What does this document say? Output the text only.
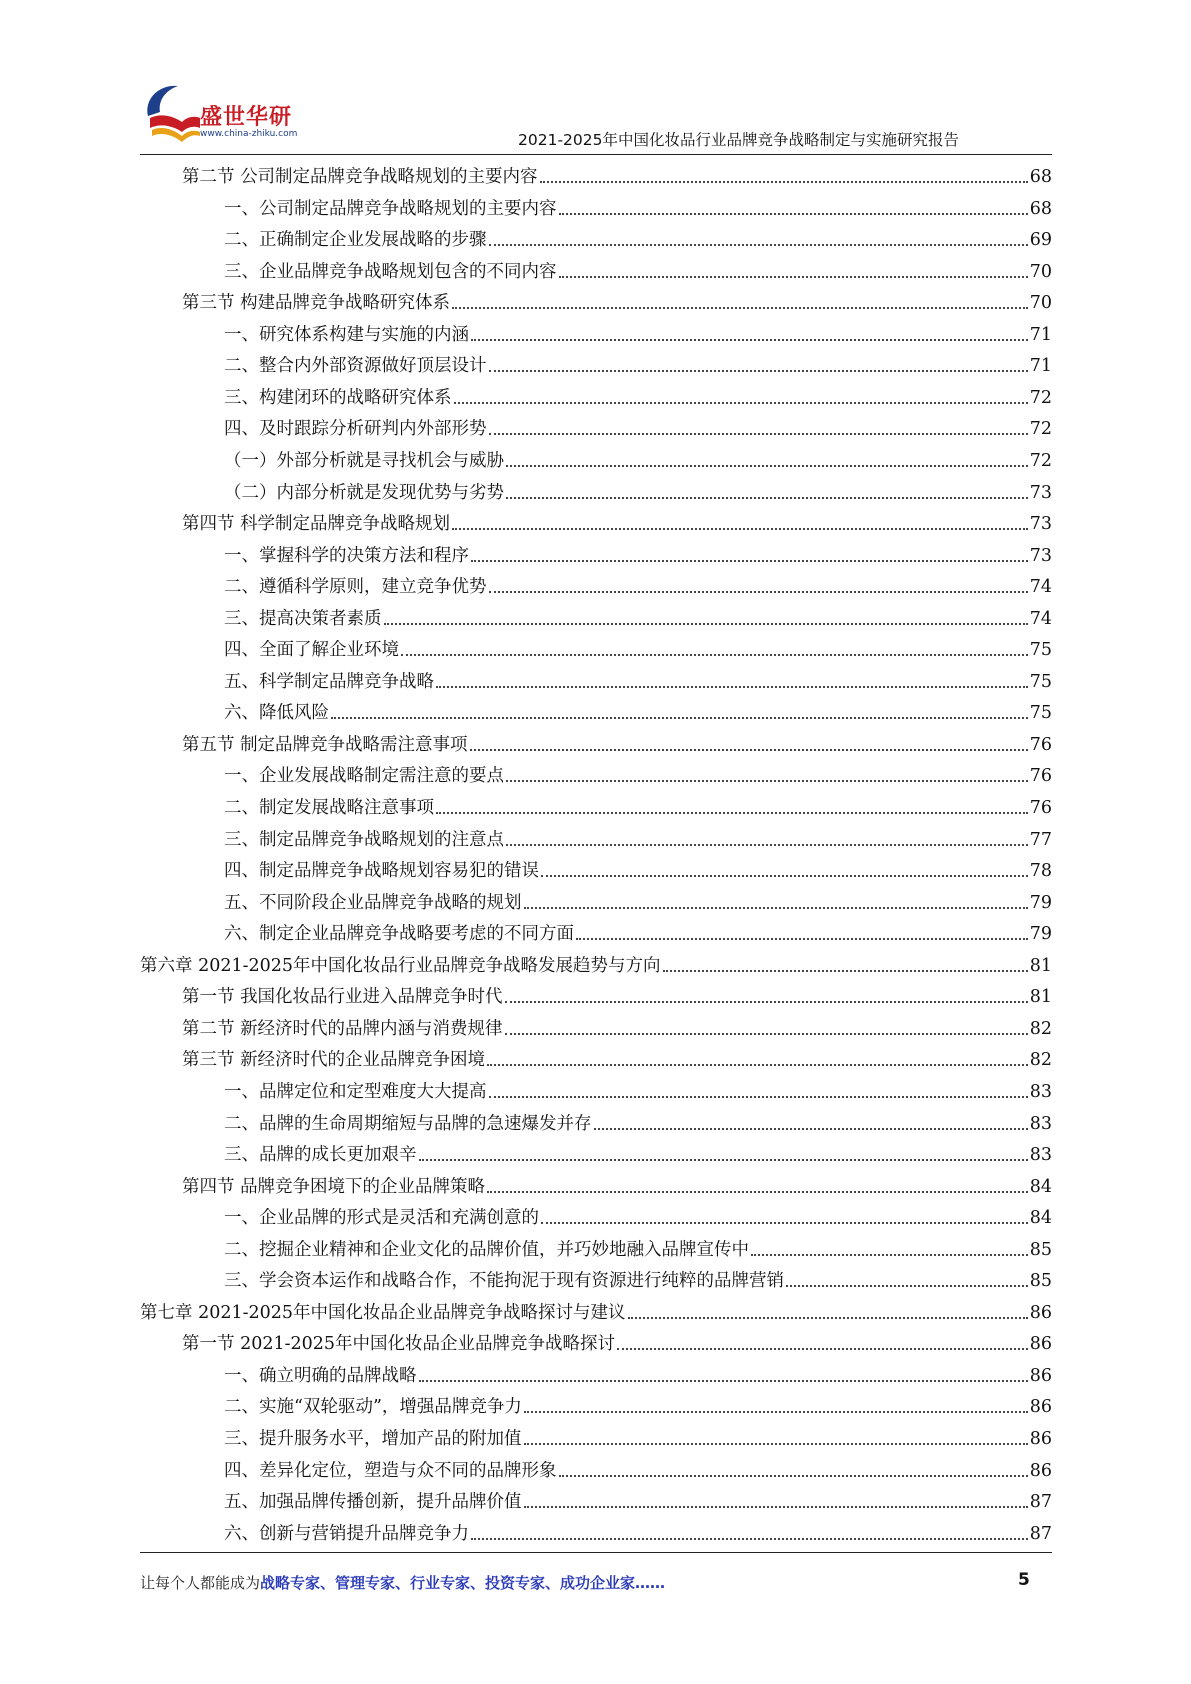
盛世华研
www.china-zhiku.com	2021-2025年中国化妆品行业品牌竞争战略制定与实施研究报告
第二节 公司制定品牌竞争战略规划的主要内容	68
一、公司制定品牌竞争战略规划的主要内容	68
二、正确制定企业发展战略的步骤	69
三、企业品牌竞争战略规划包含的不同内容	70
第三节 构建品牌竞争战略研究体系	70
一、研究体系构建与实施的内涵	71
二、整合内外部资源做好顶层设计	71
三、构建闭环的战略研究体系	72
四、及时跟踪分析研判内外部形势	72
（一）外部分析就是寻找机会与威胁	72
（二）内部分析就是发现优势与劣势	73
第四节 科学制定品牌竞争战略规划	73
一、掌握科学的决策方法和程序	73
二、遵循科学原则，建立竞争优势	74
三、提高决策者素质	74
四、全面了解企业环境	75
五、科学制定品牌竞争战略	75
六、降低风险	75
第五节 制定品牌竞争战略需注意事项	76
一、企业发展战略制定需注意的要点	76
二、制定发展战略注意事项	76
三、制定品牌竞争战略规划的注意点	77
四、制定品牌竞争战略规划容易犯的错误	78
五、不同阶段企业品牌竞争战略的规划	79
六、制定企业品牌竞争战略要考虑的不同方面	79
第六章 2021-2025年中国化妆品行业品牌竞争战略发展趋势与方向	81
第一节 我国化妆品行业进入品牌竞争时代	81
第二节 新经济时代的品牌内涵与消费规律	82
第三节 新经济时代的企业品牌竞争困境	82
一、品牌定位和定型难度大大提高	83
二、品牌的生命周期缩短与品牌的急速爆发并存	83
三、品牌的成长更加艰辛	83
第四节 品牌竞争困境下的企业品牌策略	84
一、企业品牌的形式是灵活和充满创意的	84
二、挖掘企业精神和企业文化的品牌价值，并巧妙地融入品牌宣传中	85
三、学会资本运作和战略合作，不能拘泥于现有资源进行纯粹的品牌营销	85
第七章 2021-2025年中国化妆品企业品牌竞争战略探讨与建议	86
第一节 2021-2025年中国化妆品企业品牌竞争战略探讨	86
一、确立明确的品牌战略	86
二、实施“双轮驱动”，增强品牌竞争力	86
三、提升服务水平，增加产品的附加值	86
四、差异化定位，塑造与众不同的品牌形象	86
五、加强品牌传播创新，提升品牌价值	87
六、创新与营销提升品牌竞争力	87
让每个人都能成为战略专家、管理专家、行业专家、投资专家、成功企业家……	5
